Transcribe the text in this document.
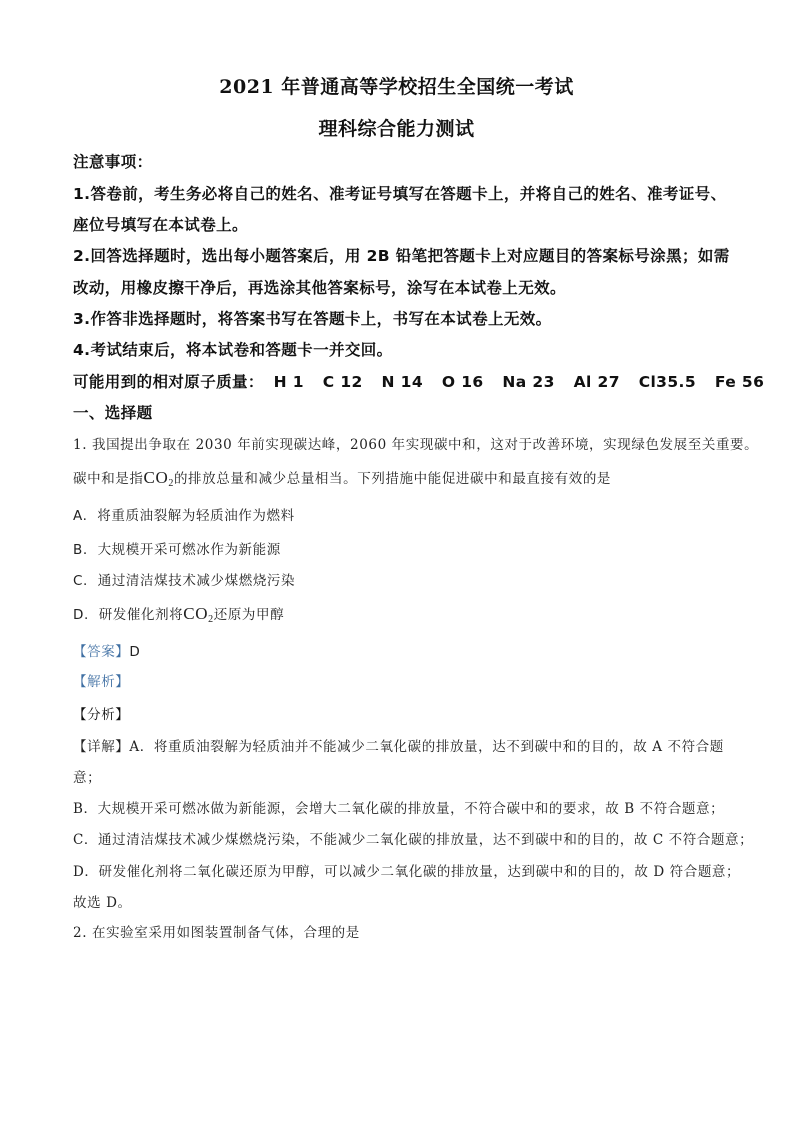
2021 年普通高等学校招生全国统一考试
理科综合能力测试
注意事项：
1.答卷前，考生务必将自己的姓名、准考证号填写在答题卡上，并将自己的姓名、准考证号、
座位号填写在本试卷上。
2.回答选择题时，选出每小题答案后，用 2B 铅笔把答题卡上对应题目的答案标号涂黑；如需
改动，用橡皮擦干净后，再选涂其他答案标号，涂写在本试卷上无效。
3.作答非选择题时，将答案书写在答题卡上，书写在本试卷上无效。
4.考试结束后，将本试卷和答题卡一并交回。
可能用到的相对原子质量： H 1 C 12 N 14 O 16 Na 23 Al 27 Cl35.5 Fe 56
一、选择题
1. 我国提出争取在 2030 年前实现碳达峰，2060 年实现碳中和，这对于改善环境，实现绿色发展至关重要。
碳中和是指$CO_2$的排放总量和减少总量相当。下列措施中能促进碳中和最直接有效的是
A. 将重质油裂解为轻质油作为燃料
B. 大规模开采可燃冰作为新能源
C. 通过清洁煤技术减少煤燃烧污染
D. 研发催化剂将$CO_2$还原为甲醇
【答案】D
【解析】
【分析】
【详解】A．将重质油裂解为轻质油并不能减少二氧化碳的排放量，达不到碳中和的目的，故 A 不符合题
意；
B．大规模开采可燃冰做为新能源，会增大二氧化碳的排放量，不符合碳中和的要求，故 B 不符合题意；
C．通过清洁煤技术减少煤燃烧污染，不能减少二氧化碳的排放量，达不到碳中和的目的，故 C 不符合题意；
D．研发催化剂将二氧化碳还原为甲醇，可以减少二氧化碳的排放量，达到碳中和的目的，故 D 符合题意；
故选 D。
2. 在实验室采用如图装置制备气体，合理的是
